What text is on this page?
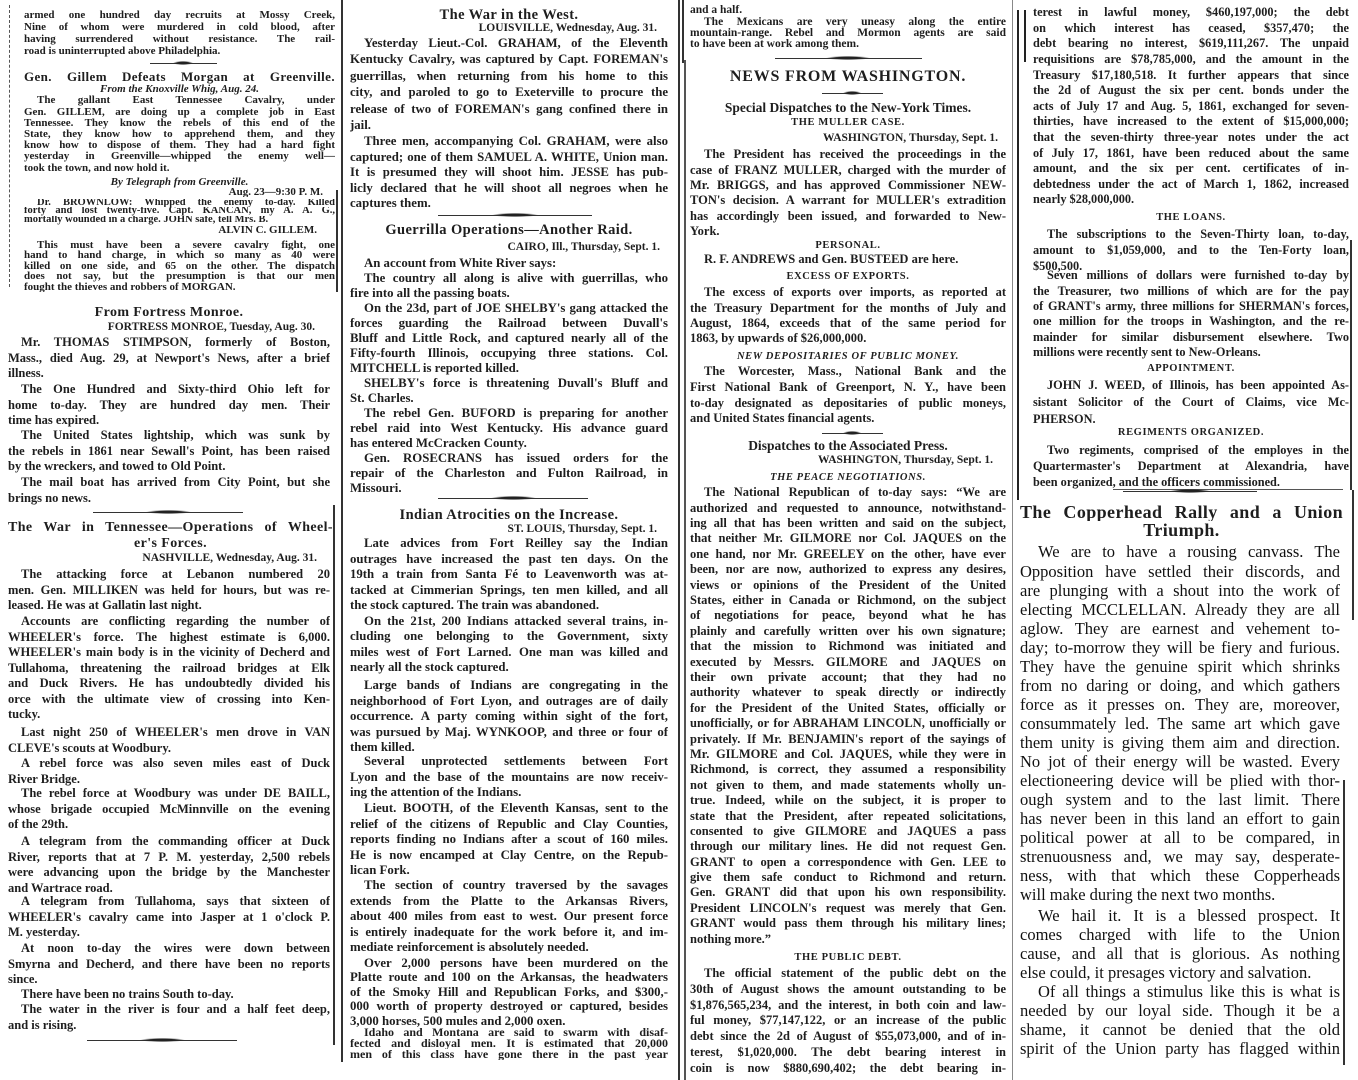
armed one hundred day recruits at Mossy Creek,
Nine of whom were murdered in cold blood, after
having surrendered without resistance. The rail-
road is uninterrupted above Philadelphia.
Gen. Gillem Defeats Morgan at Greenville.
From the Knoxville Whig, Aug. 24.
The gallant East Tennessee Cavalry, under
Gen. GILLEM, are doing up a complete job in East
Tennessee. They know the rebels of this end of the
State, they know how to apprehend them, and they
know how to dispose of them. They had a hard fight
yesterday in Greenville—whipped the enemy well—
took the town, and now hold it.
By Telegraph from Greenville.
Aug. 23—9:30 P. M.
Dr. BROWNLOW: Whipped the enemy to-day. Killed
forty and lost twenty-five. Capt. KANCAN, my A. A. G.,
mortally wounded in a charge. JOHN safe, tell Mrs. B.
ALVIN C. GILLEM.
This must have been a severe cavalry fight, one
hand to hand charge, in which so many as 40 were
killed on one side, and 65 on the other. The dispatch
does not say, but the presumption is that our men
fought the thieves and robbers of MORGAN.
From Fortress Monroe.
FORTRESS MONROE, Tuesday, Aug. 30.
Mr. THOMAS STIMPSON, formerly of Boston,
Mass., died Aug. 29, at Newport's News, after a brief
illness.
The One Hundred and Sixty-third Ohio left for
home to-day. They are hundred day men. Their
time has expired.
The United States lightship, which was sunk by
the rebels in 1861 near Sewall's Point, has been raised
by the wreckers, and towed to Old Point.
The mail boat has arrived from City Point, but she
brings no news.
The War in Tennessee—Operations of Wheel-
er's Forces.
NASHVILLE, Wednesday, Aug. 31.
The attacking force at Lebanon numbered 20
men. Gen. MILLIKEN was held for hours, but was re-
leased. He was at Gallatin last night.
Accounts are conflicting regarding the number of
WHEELER's force. The highest estimate is 6,000.
WHEELER's main body is in the vicinity of Decherd and
Tullahoma, threatening the railroad bridges at Elk
and Duck Rivers. He has undoubtedly divided his
orce with the ultimate view of crossing into Ken-
tucky.
Last night 250 of WHEELER's men drove in VAN
CLEVE's scouts at Woodbury.
A rebel force was also seven miles east of Duck
River Bridge.
The rebel force at Woodbury was under DE BAILL,
whose brigade occupied McMinnville on the evening
of the 29th.
A telegram from the commanding officer at Duck
River, reports that at 7 P. M. yesterday, 2,500 rebels
were advancing upon the bridge by the Manchester
and Wartrace road.
A telegram from Tullahoma, says that sixteen of
WHEELER's cavalry came into Jasper at 1 o'clock P.
M. yesterday.
At noon to-day the wires were down between
Smyrna and Decherd, and there have been no reports
since.
There have been no trains South to-day.
The water in the river is four and a half feet deep,
and is rising.
The War in the West.
LOUISVILLE, Wednesday, Aug. 31.
Yesterday Lieut.-Col. GRAHAM, of the Eleventh
Kentucky Cavalry, was captured by Capt. FOREMAN's
guerrillas, when returning from his home to this
city, and paroled to go to Exeterville to procure the
release of two of FOREMAN's gang confined there in
jail.
Three men, accompanying Col. GRAHAM, were also
captured; one of them SAMUEL A. WHITE, Union man.
It is presumed they will shoot him. JESSE has pub-
licly declared that he will shoot all negroes when he
captures them.
Guerrilla Operations—Another Raid.
CAIRO, Ill., Thursday, Sept. 1.
An account from White River says:
The country all along is alive with guerrillas, who
fire into all the passing boats.
On the 23d, part of JOE SHELBY's gang attacked the
forces guarding the Railroad between Duvall's
Bluff and Little Rock, and captured nearly all of the
Fifty-fourth Illinois, occupying three stations. Col.
MITCHELL is reported killed.
SHELBY's force is threatening Duvall's Bluff and
St. Charles.
The rebel Gen. BUFORD is preparing for another
rebel raid into West Kentucky. His advance guard
has entered McCracken County.
Gen. ROSECRANS has issued orders for the
repair of the Charleston and Fulton Railroad, in
Missouri.
Indian Atrocities on the Increase.
ST. LOUIS, Thursday, Sept. 1.
Late advices from Fort Reilley say the Indian
outrages have increased the past ten days. On the
19th a train from Santa Fé to Leavenworth was at-
tacked at Cimmerian Springs, ten men killed, and all
the stock captured. The train was abandoned.
On the 21st, 200 Indians attacked several trains, in-
cluding one belonging to the Government, sixty
miles west of Fort Larned. One man was killed and
nearly all the stock captured.
Large bands of Indians are congregating in the
neighborhood of Fort Lyon, and outrages are of daily
occurrence. A party coming within sight of the fort,
was pursued by Maj. WYNKOOP, and three or four of
them killed.
Several unprotected settlements between Fort
Lyon and the base of the mountains are now receiv-
ing the attention of the Indians.
Lieut. BOOTH, of the Eleventh Kansas, sent to the
relief of the citizens of Republic and Clay Counties,
reports finding no Indians after a scout of 160 miles.
He is now encamped at Clay Centre, on the Repub-
lican Fork.
The section of country traversed by the savages
extends from the Platte to the Arkansas Rivers,
about 400 miles from east to west. Our present force
is entirely inadequate for the work before it, and im-
mediate reinforcement is absolutely needed.
Over 2,000 persons have been murdered on the
Platte route and 100 on the Arkansas, the headwaters
of the Smoky Hill and Republican Forks, and $300,-
000 worth of property destroyed or captured, besides
3,000 horses, 500 mules and 2,000 oxen.
Idaho and Montana are said to swarm with disaf-
fected and disloyal men. It is estimated that 20,000
men of this class have gone there in the past year
and a half.
The Mexicans are very uneasy along the entire
mountain-range. Rebel and Mormon agents are said
to have been at work among them.
NEWS FROM WASHINGTON.
Special Dispatches to the New-York Times.
THE MULLER CASE.
WASHINGTON, Thursday, Sept. 1.
The President has received the proceedings in the
case of FRANZ MULLER, charged with the murder of
Mr. BRIGGS, and has approved Commissioner NEW-
TON's decision. A warrant for MULLER's extradition
has accordingly been issued, and forwarded to New-
York.
PERSONAL.
R. F. ANDREWS and Gen. BUSTEED are here.
EXCESS OF EXPORTS.
The excess of exports over imports, as reported at
the Treasury Department for the months of July and
August, 1864, exceeds that of the same period for
1863, by upwards of $26,000,000.
NEW DEPOSITARIES OF PUBLIC MONEY.
The Worcester, Mass., National Bank and the
First National Bank of Greenport, N. Y., have been
to-day designated as depositaries of public moneys,
and United States financial agents.
Dispatches to the Associated Press.
WASHINGTON, Thursday, Sept. 1.
THE PEACE NEGOTIATIONS.
The National Republican of to-day says: “We are
authorized and requested to announce, notwithstand-
ing all that has been written and said on the subject,
that neither Mr. GILMORE nor Col. JAQUES on the
one hand, nor Mr. GREELEY on the other, have ever
been, nor are now, authorized to express any desires,
views or opinions of the President of the United
States, either in Canada or Richmond, on the subject
of negotiations for peace, beyond what he has
plainly and carefully written over his own signature;
that the mission to Richmond was initiated and
executed by Messrs. GILMORE and JAQUES on
their own private account; that they had no
authority whatever to speak directly or indirectly
for the President of the United States, officially or
unofficially, or for ABRAHAM LINCOLN, unofficially or
privately. If Mr. BENJAMIN's report of the sayings of
Mr. GILMORE and Col. JAQUES, while they were in
Richmond, is correct, they assumed a responsibility
not given to them, and made statements wholly un-
true. Indeed, while on the subject, it is proper to
state that the President, after repeated solicitations,
consented to give GILMORE and JAQUES a pass
through our military lines. He did not request Gen.
GRANT to open a correspondence with Gen. LEE to
give them safe conduct to Richmond and return.
Gen. GRANT did that upon his own responsibility.
President LINCOLN's request was merely that Gen.
GRANT would pass them through his military lines;
nothing more.”
THE PUBLIC DEBT.
The official statement of the public debt on the
30th of August shows the amount outstanding to be
$1,876,565,234, and the interest, in both coin and law-
ful money, $77,147,122, or an increase of the public
debt since the 2d of August of $55,073,000, and of in-
terest, $1,020,000. The debt bearing interest in
coin is now $880,690,402; the debt bearing in-
terest in lawful money, $460,197,000; the debt
on which interest has ceased, $357,470; the
debt bearing no interest, $619,111,267. The unpaid
requisitions are $78,785,000, and the amount in the
Treasury $17,180,518. It further appears that since
the 2d of August the six per cent. bonds under the
acts of July 17 and Aug. 5, 1861, exchanged for seven-
thirties, have increased to the extent of $15,000,000;
that the seven-thirty three-year notes under the act
of July 17, 1861, have been reduced about the same
amount, and the six per cent. certificates of in-
debtedness under the act of March 1, 1862, increased
nearly $28,000,000.
THE LOANS.
The subscriptions to the Seven-Thirty loan, to-day,
amount to $1,059,000, and to the Ten-Forty loan,
$500,500.
Seven millions of dollars were furnished to-day by
the Treasurer, two millions of which are for the pay
of GRANT's army, three millions for SHERMAN's forces,
one million for the troops in Washington, and the re-
mainder for similar disbursement elsewhere. Two
millions were recently sent to New-Orleans.
APPOINTMENT.
JOHN J. WEED, of Illinois, has been appointed As-
sistant Solicitor of the Court of Claims, vice Mc-
PHERSON.
REGIMENTS ORGANIZED.
Two regiments, comprised of the employes in the
Quartermaster's Department at Alexandria, have
been organized, and the officers commissioned.
The Copperhead Rally and a Union
Triumph.
We are to have a rousing canvass. The
Opposition have settled their discords, and
are plunging with a shout into the work of
electing MCCLELLAN. Already they are all
aglow. They are earnest and vehement to-
day; to-morrow they will be fiery and furious.
They have the genuine spirit which shrinks
from no daring or doing, and which gathers
force as it presses on. They are, moreover,
consummately led. The same art which gave
them unity is giving them aim and direction.
No jot of their energy will be wasted. Every
electioneering device will be plied with thor-
ough system and to the last limit. There
has never been in this land an effort to gain
political power at all to be compared, in
strenuousness and, we may say, desperate-
ness, with that which these Copperheads
will make during the next two months.
We hail it. It is a blessed prospect. It
comes charged with life to the Union
cause, and all that is glorious. As nothing
else could, it presages victory and salvation.
Of all things a stimulus like this is what is
needed by our loyal side. Though it be a
shame, it cannot be denied that the old
spirit of the Union party has flagged within
